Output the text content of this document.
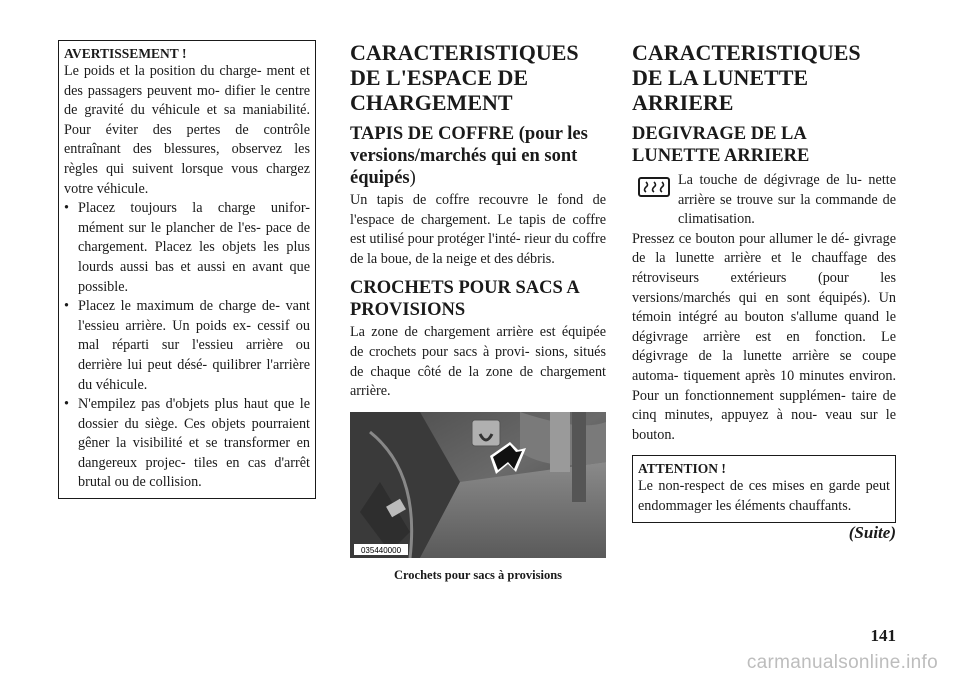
AVERTISSEMENT !

Le poids et la position du charge- ment et des passagers peuvent mo- difier le centre de gravité du véhicule et sa maniabilité. Pour éviter des pertes de contrôle entraînant des blessures, observez les règles qui suivent lorsque vous chargez votre véhicule.

• Placez toujours la charge unifor- mément sur le plancher de l'es- pace de chargement. Placez les objets les plus lourds aussi bas et aussi en avant que possible.
• Placez le maximum de charge de- vant l'essieu arrière. Un poids ex- cessif ou mal réparti sur l'essieu arrière ou derrière lui peut désé- quilibrer l'arrière du véhicule.
• N'empilez pas d'objets plus haut que le dossier du siège. Ces objets pourraient gêner la visibilité et se transformer en dangereux projec- tiles en cas d'arrêt brutal ou de collision.
CARACTERISTIQUES DE L'ESPACE DE CHARGEMENT
TAPIS DE COFFRE (pour les versions/marchés qui en sont équipés)

Un tapis de coffre recouvre le fond de l'espace de chargement. Le tapis de coffre est utilisé pour protéger l'inté- rieur du coffre de la boue, de la neige et des débris.

CROCHETS POUR SACS A PROVISIONS

La zone de chargement arrière est équipée de crochets pour sacs à provi- sions, situés de chaque côté de la zone de chargement arrière.

035440000
Crochets pour sacs à provisions
CARACTERISTIQUES DE LA LUNETTE ARRIERE
DEGIVRAGE DE LA LUNETTE ARRIERE

La touche de dégivrage de lu- nette arrière se trouve sur la commande de climatisation.

Pressez ce bouton pour allumer le dé- givrage de la lunette arrière et le chauffage des rétroviseurs extérieurs (pour les versions/marchés qui en sont équipés). Un témoin intégré au bouton s'allume quand le dégivrage arrière est en fonction. Le dégivrage de la lunette arrière se coupe automa- tiquement après 10 minutes environ. Pour un fonctionnement supplémen- taire de cinq minutes, appuyez à nou- veau sur le bouton.

ATTENTION !

Le non-respect de ces mises en garde peut endommager les éléments chauffants.

(Suite)
141
carmanualsonline.info
